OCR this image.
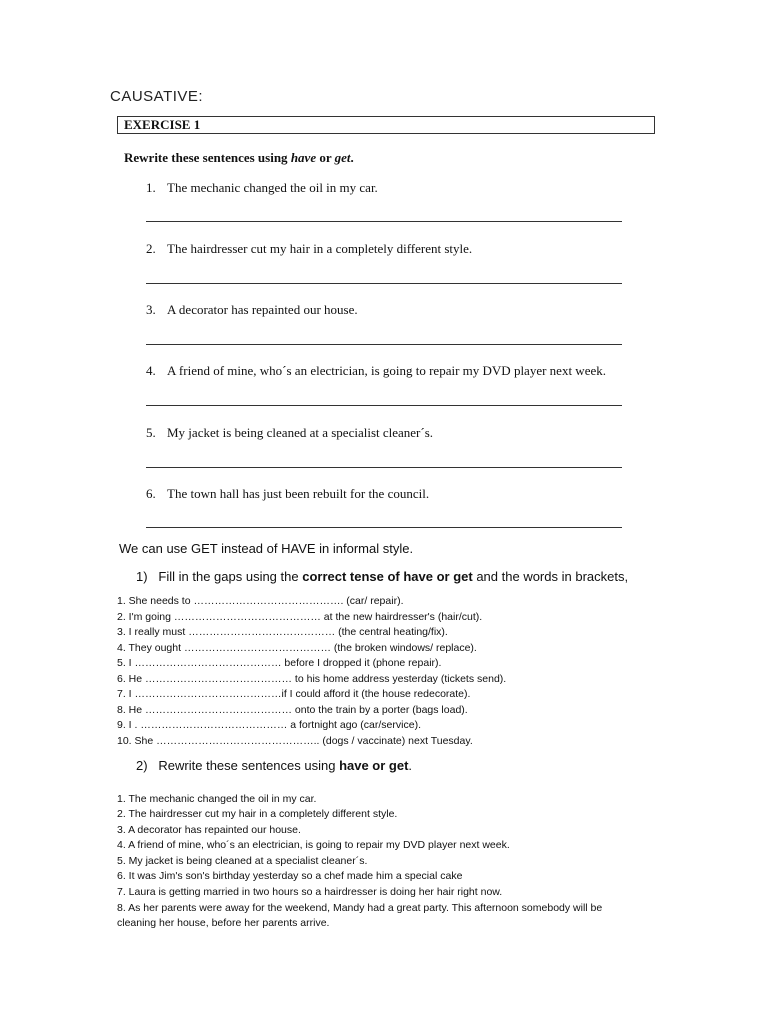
CAUSATIVE:
EXERCISE 1
Rewrite these sentences using have or get.
1. The mechanic changed the oil in my car.
2. The hairdresser cut my hair in a completely different style.
3. A decorator has repainted our house.
4. A friend of mine, who´s an electrician, is going to repair my DVD player next week.
5. My jacket is being cleaned at a specialist cleaner´s.
6. The town hall has just been rebuilt for the council.
We can use GET instead of HAVE in informal style.
1) Fill in the gaps using the correct tense of have or get and the words in brackets,
1. She needs to ……………………………………. (car/ repair).
2. I'm going …………………………………… at the new hairdresser's (hair/cut).
3. I really must …………………………………… (the central heating/fix).
4. They ought …………………………………… (the broken windows/ replace).
5. I …………………………………… before I dropped it (phone repair).
6. He …………………………………… to his home address yesterday (tickets send).
7. I ……………………………………if I could afford it (the house redecorate).
8. He …………………………………… onto the train by a porter (bags load).
9. I . …………………………………… a fortnight ago (car/service).
10. She ……………………………………….. (dogs / vaccinate) next Tuesday.
2) Rewrite these sentences using have or get.
1. The mechanic changed the oil in my car.
2. The hairdresser cut my hair in a completely different style.
3. A decorator has repainted our house.
4. A friend of mine, who´s an electrician, is going to repair my DVD player next week.
5. My jacket is being cleaned at a specialist cleaner´s.
6. It was Jim's son's birthday yesterday so a chef made him a special cake
7. Laura is getting married in two hours so a hairdresser is doing her hair right now.
8. As her parents were away for the weekend, Mandy had a great party. This afternoon somebody will be
cleaning her house, before her parents arrive.
